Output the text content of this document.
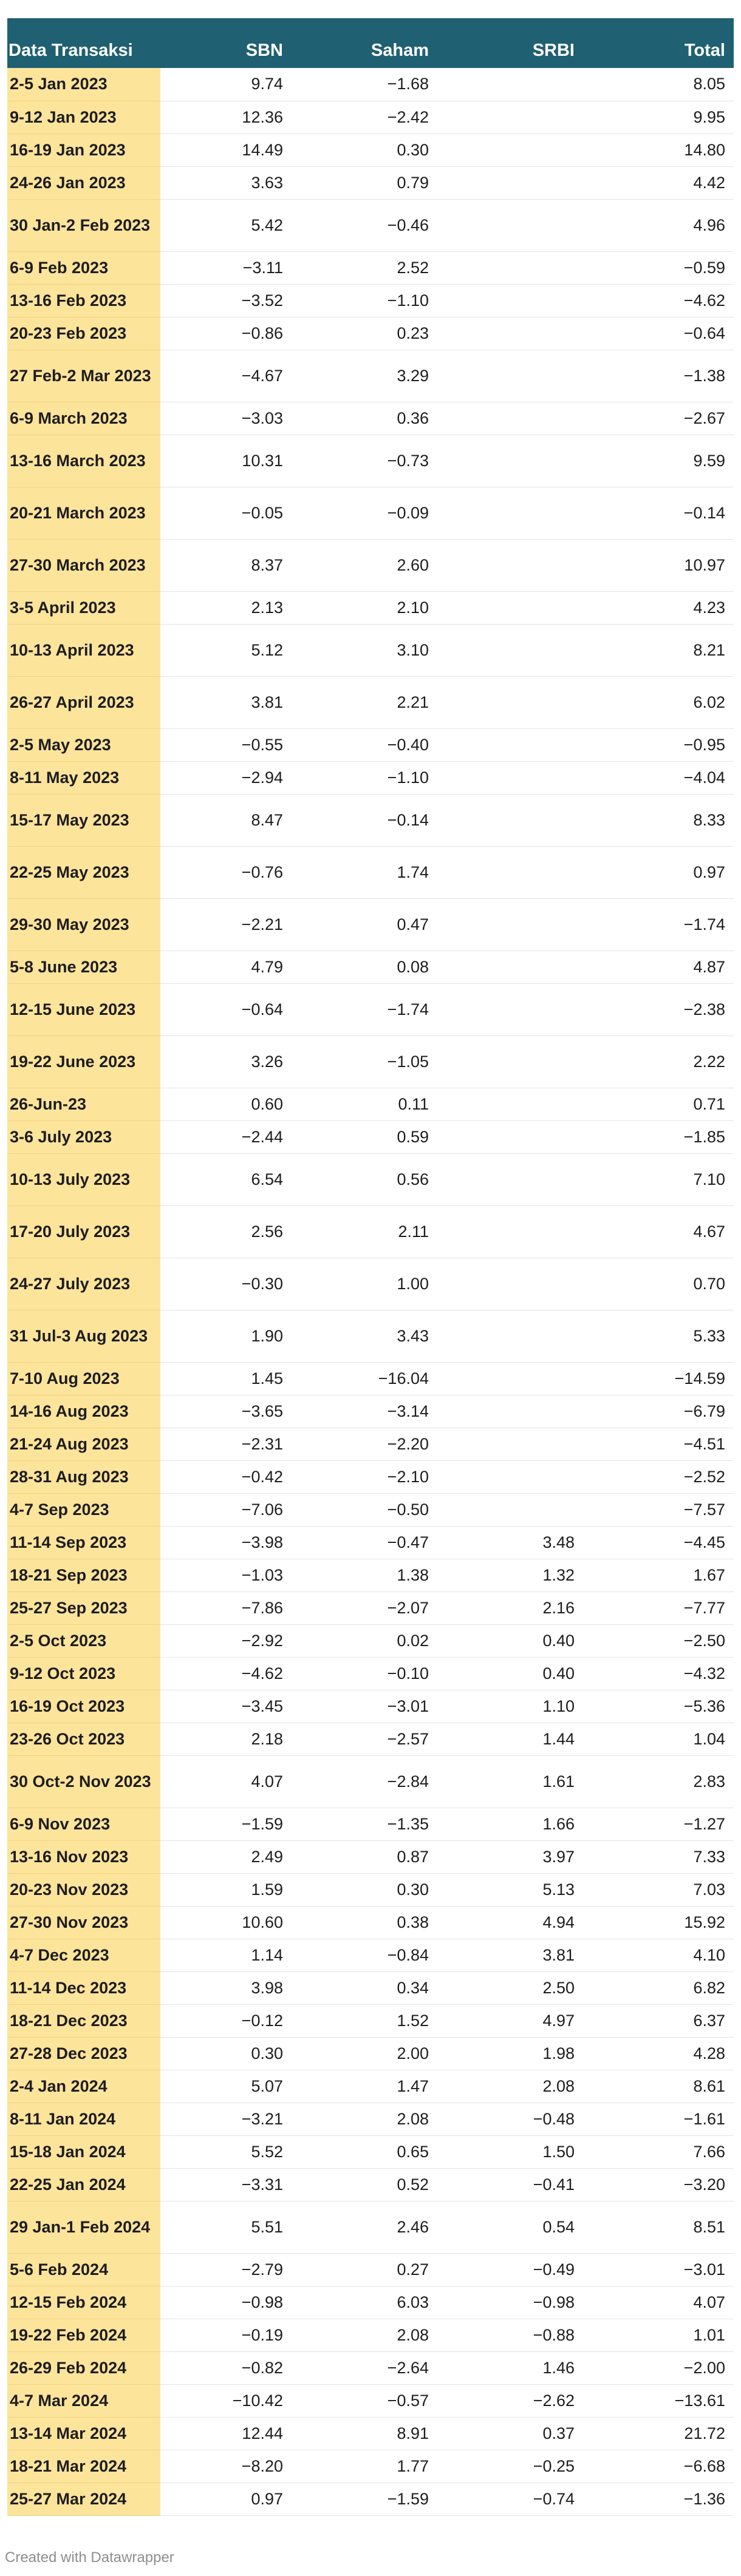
Data Transaksi	SBN	Saham	SRBI	Total
2-5 Jan 2023	9.74	−1.68		8.05
9-12 Jan 2023	12.36	−2.42		9.95
16-19 Jan 2023	14.49	0.30		14.80
24-26 Jan 2023	3.63	0.79		4.42
30 Jan-2 Feb 2023	5.42	−0.46		4.96
6-9 Feb 2023	−3.11	2.52		−0.59
13-16 Feb 2023	−3.52	−1.10		−4.62
20-23 Feb 2023	−0.86	0.23		−0.64
27 Feb-2 Mar 2023	−4.67	3.29		−1.38
6-9 March 2023	−3.03	0.36		−2.67
13-16 March 2023	10.31	−0.73		9.59
20-21 March 2023	−0.05	−0.09		−0.14
27-30 March 2023	8.37	2.60		10.97
3-5 April 2023	2.13	2.10		4.23
10-13 April 2023	5.12	3.10		8.21
26-27 April 2023	3.81	2.21		6.02
2-5 May 2023	−0.55	−0.40		−0.95
8-11 May 2023	−2.94	−1.10		−4.04
15-17 May 2023	8.47	−0.14		8.33
22-25 May 2023	−0.76	1.74		0.97
29-30 May 2023	−2.21	0.47		−1.74
5-8 June 2023	4.79	0.08		4.87
12-15 June 2023	−0.64	−1.74		−2.38
19-22 June 2023	3.26	−1.05		2.22
26-Jun-23	0.60	0.11		0.71
3-6 July 2023	−2.44	0.59		−1.85
10-13 July 2023	6.54	0.56		7.10
17-20 July 2023	2.56	2.11		4.67
24-27 July 2023	−0.30	1.00		0.70
31 Jul-3 Aug 2023	1.90	3.43		5.33
7-10 Aug 2023	1.45	−16.04		−14.59
14-16 Aug 2023	−3.65	−3.14		−6.79
21-24 Aug 2023	−2.31	−2.20		−4.51
28-31 Aug 2023	−0.42	−2.10		−2.52
4-7 Sep 2023	−7.06	−0.50		−7.57
11-14 Sep 2023	−3.98	−0.47	3.48	−4.45
18-21 Sep 2023	−1.03	1.38	1.32	1.67
25-27 Sep 2023	−7.86	−2.07	2.16	−7.77
2-5 Oct 2023	−2.92	0.02	0.40	−2.50
9-12 Oct 2023	−4.62	−0.10	0.40	−4.32
16-19 Oct 2023	−3.45	−3.01	1.10	−5.36
23-26 Oct 2023	2.18	−2.57	1.44	1.04
30 Oct-2 Nov 2023	4.07	−2.84	1.61	2.83
6-9 Nov 2023	−1.59	−1.35	1.66	−1.27
13-16 Nov 2023	2.49	0.87	3.97	7.33
20-23 Nov 2023	1.59	0.30	5.13	7.03
27-30 Nov 2023	10.60	0.38	4.94	15.92
4-7 Dec 2023	1.14	−0.84	3.81	4.10
11-14 Dec 2023	3.98	0.34	2.50	6.82
18-21 Dec 2023	−0.12	1.52	4.97	6.37
27-28 Dec 2023	0.30	2.00	1.98	4.28
2-4 Jan 2024	5.07	1.47	2.08	8.61
8-11 Jan 2024	−3.21	2.08	−0.48	−1.61
15-18 Jan 2024	5.52	0.65	1.50	7.66
22-25 Jan 2024	−3.31	0.52	−0.41	−3.20
29 Jan-1 Feb 2024	5.51	2.46	0.54	8.51
5-6 Feb 2024	−2.79	0.27	−0.49	−3.01
12-15 Feb 2024	−0.98	6.03	−0.98	4.07
19-22 Feb 2024	−0.19	2.08	−0.88	1.01
26-29 Feb 2024	−0.82	−2.64	1.46	−2.00
4-7 Mar 2024	−10.42	−0.57	−2.62	−13.61
13-14 Mar 2024	12.44	8.91	0.37	21.72
18-21 Mar 2024	−8.20	1.77	−0.25	−6.68
25-27 Mar 2024	0.97	−1.59	−0.74	−1.36
Created with Datawrapper
